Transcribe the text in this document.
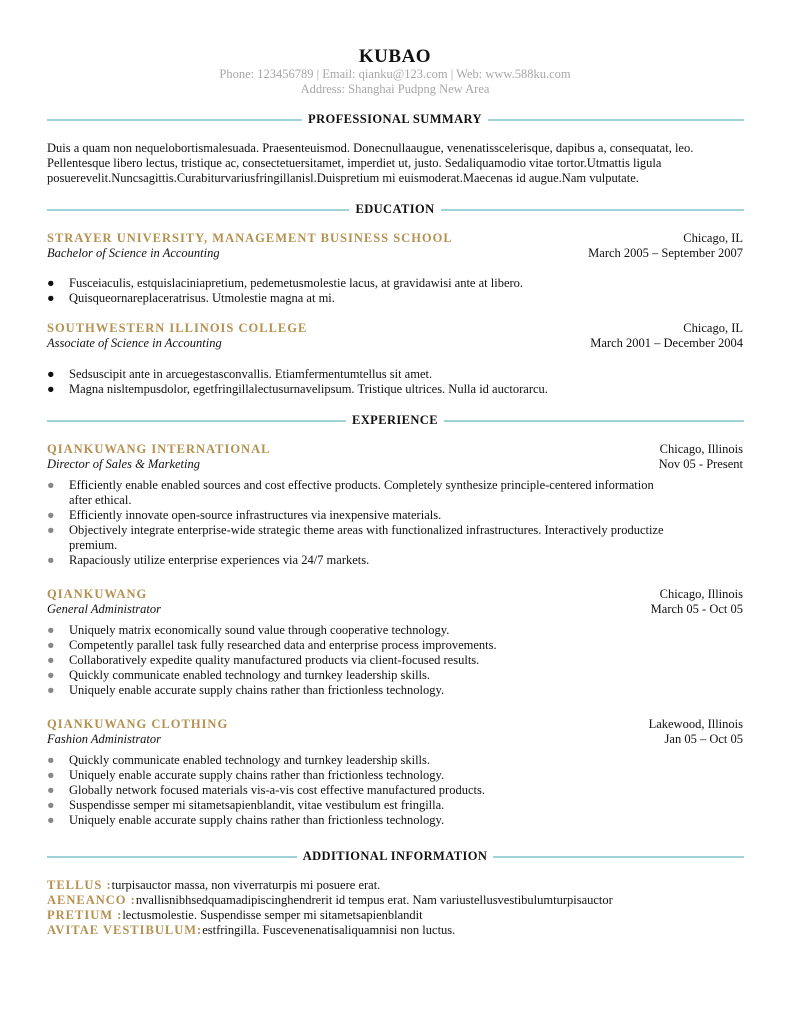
KUBAO
Phone: 123456789 | Email: qianku@123.com | Web: www.588ku.com
Address: Shanghai Pudpng New Area
PROFESSIONAL SUMMARY
Duis a quam non nequelobortismalesuada. Praesenteuismod. Donecnullaaugue, venenatisscelerisque, dapibus a, consequatat, leo.
Pellentesque libero lectus, tristique ac, consectetuersitamet, imperdiet ut, justo. Sedaliquamodio vitae tortor.Utmattis ligula
posuerevelit.Nuncsagittis.Curabiturvariusfringillanisl.Duispretium mi euismoderat.Maecenas id augue.Nam vulputate.
EDUCATION
STRAYER UNIVERSITY, MANAGEMENT BUSINESS SCHOOL
Bachelor of Science in Accounting
Chicago, IL
March 2005 – September 2007
● Fusceiaculis, estquislaciniapretium, pedemetusmolestie lacus, at gravidawisi ante at libero.
● Quisqueornareplaceratrisus. Utmolestie magna at mi.
SOUTHWESTERN ILLINOIS COLLEGE
Associate of Science in Accounting
Chicago, IL
March 2001 – December 2004
● Sedsuscipit ante in arcuegestasconvallis. Etiamfermentumtellus sit amet.
● Magna nisltempusdolor, egetfringillalectusurnavelipsum. Tristique ultrices. Nulla id auctorarcu.
EXPERIENCE
QIANKUWANG INTERNATIONAL
Director of Sales & Marketing
Chicago, Illinois
Nov 05 - Present
● Efficiently enable enabled sources and cost effective products. Completely synthesize principle-centered information
after ethical.
● Efficiently innovate open-source infrastructures via inexpensive materials.
● Objectively integrate enterprise-wide strategic theme areas with functionalized infrastructures. Interactively productize
premium.
● Rapaciously utilize enterprise experiences via 24/7 markets.
QIANKUWANG
General Administrator
Chicago, Illinois
March 05 - Oct 05
● Uniquely matrix economically sound value through cooperative technology.
● Competently parallel task fully researched data and enterprise process improvements.
● Collaboratively expedite quality manufactured products via client-focused results.
● Quickly communicate enabled technology and turnkey leadership skills.
● Uniquely enable accurate supply chains rather than frictionless technology.
QIANKUWANG CLOTHING
Fashion Administrator
Lakewood, Illinois
Jan 05 – Oct 05
● Quickly communicate enabled technology and turnkey leadership skills.
● Uniquely enable accurate supply chains rather than frictionless technology.
● Globally network focused materials vis-a-vis cost effective manufactured products.
● Suspendisse semper mi sitametsapienblandit, vitae vestibulum est fringilla.
● Uniquely enable accurate supply chains rather than frictionless technology.
ADDITIONAL INFORMATION
TELLUS :turpisauctor massa, non viverraturpis mi posuere erat.
AENEANCO :nvallisnibhsedquamadipiscinghendrerit id tempus erat. Nam variustellusvestibulumturpisauctor
PRETIUM :lectusmolestie. Suspendisse semper mi sitametsapienblandit
AVITAE VESTIBULUM:estfringilla. Fuscevenenatisaliquamnisi non luctus.
